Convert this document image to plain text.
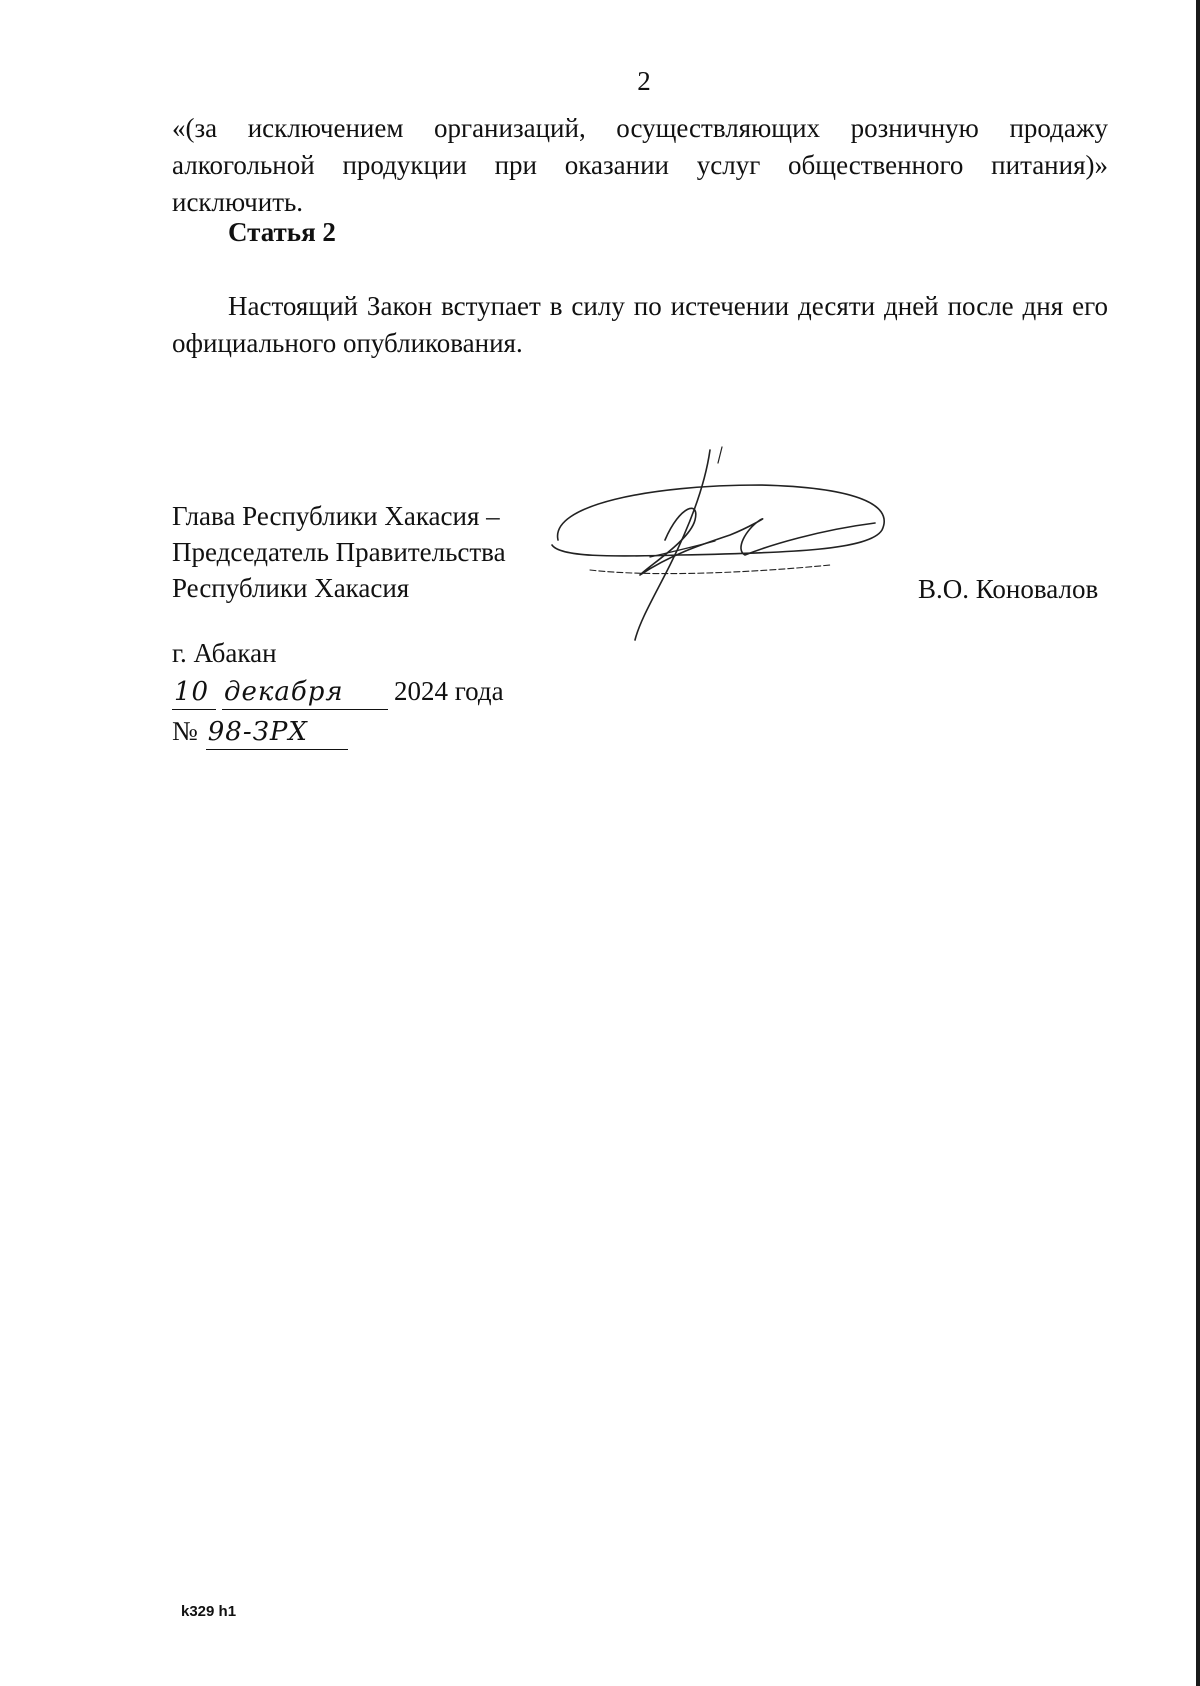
2

«(за исключением организаций, осуществляющих розничную продажу алкогольной продукции при оказании услуг общественного питания)» исключить.

Статья 2

Настоящий Закон вступает в силу по истечении десяти дней после дня его официального опубликования.

Глава Республики Хакасия –
Председатель Правительства
Республики Хакасия	В.О. Коновалов
г. Абакан
10 декабря 2024 года
№ 98-ЗРХ
k329 h1
